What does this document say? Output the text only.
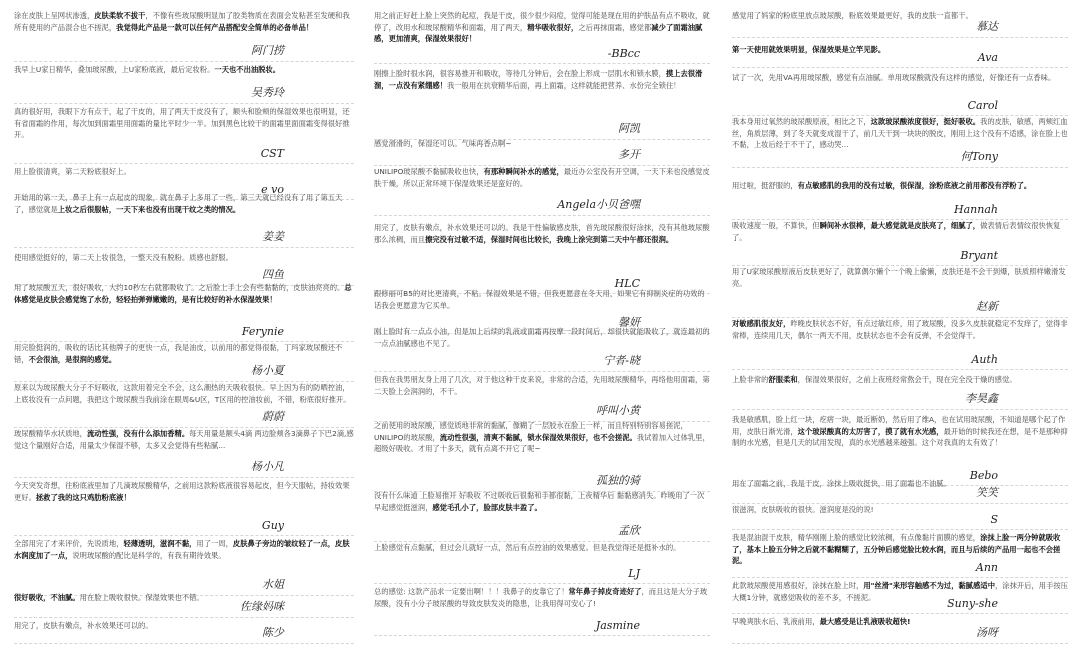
涂在皮肤上呈网状渗透，皮肤柔软不拔干，不像有些玻尿酸明显加了胶类物质在表面会发粘甚至发硬和我所有使用的产品混合也不搓泥，我觉得此产品是一款可以任何产品搭配安全简单的必备单品！

阿门捞

我早上U家日精华，叠加玻尿酸，上U家粉底液，最后定妆粉。一天也不出油脱妆。

吴秀玲

真的很好用，我眼下方有点干，起了干皮的，用了两天干皮没有了，额头和脸颊的保湿效果也很明显，还有省面霜的作用，每次加到面霜里用面霜的量比平时少一半。加到黑色比较干的面霜里面面霜变得很好推开。

CST

用上脸很清爽，第二天粉底很好上。

e vo

开始用的第一天，鼻子上有一点起皮的现象，就在鼻子上多用了一些，第三天就已经没有了用了第五天了，感觉就是上妆之后很服帖，一天下来也没有出现干纹之类的情况。

姜姜

使用感觉挺好的，第二天上妆很急，一整天没有脱粉。质感也舒服。

四鱼

用了玻尿酸五天，很好吸收，大约10秒左右就都吸收了。之后脸上手上会有些黏黏的，皮肤油亮亮的。总体感觉是皮肤会感觉饱了水份，轻轻拍弹弹嫩嫩的，是有比较好的补水保湿效果！

Ferynie

用完脸挺润的，吸收的话比其他牌子的更快一点，我是油皮，以前用的都觉得很黏，丁玛家玻尿酸还不错，不会很油，是很润的感觉。

杨小夏

原来以为玻尿酸大分子不好吸收，这款用着完全不会，这么潮热的天吸收很快。早上因为有的防晒控油，上底妆没有一点问题，我把这个玻尿酸当我前涂在眼周&U区，T区用的控油妆前，不错，粉底很好推开。

蔚蔚

玻尿酸精华水状质地，流动性强，没有什么添加香精。每天用量是额头4滴 两边脸颊各3滴鼻子下巴2滴,感觉这个量刚好合适，用量太少保湿不够，太多又会觉得有些粘腻...

杨小凡

今天突发奇想，往粉底液里加了几滴玻尿酸精华，之前用这款粉底液很容易起皮，但今天服帖，持妆效果更好。拯救了我的这只鸡肋粉底液！

Guy

全部用完了才来评价，先说质地，轻薄透明，滋润不黏，用了一周，皮肤鼻子旁边的皱纹轻了一点，皮肤水润度加了一点，说明玻尿酸的配比是科学的，有我有期待效果。

水姐

很好吸收，不油腻。用在脸上吸收很快。保湿效果也不错。

佐缘妈咪

用完了，皮肤有嫩点，补水效果还可以的。

陈少

用之前正好赶上脸上突然的起痘，我是干皮，很少很少闷痘，觉得可能是现在用的护肤品有点不吸收，就停了，改用水和玻尿酸精华和面霜，用了两天，精华吸收很好，之后再抹面霜，感觉都减少了面霜油腻感，更加清爽，保湿效果很好！

-BBcc

刚擦上脸时很水润，很容易推开和吸收，等待几分钟后，会在脸上形成一层肌水和锁水膜，摸上去很滑溜，一点没有紧绷感！我一般用在抗衰精华后面，再上面霜，这样就能把营养、水份完全锁住！

阿凯

感觉滑滑的，保湿还可以。气味再香点啊~

多开

UNILIPO玻尿酸不黏腻吸收也快，有那种瞬间补水的感觉，最近办公室没有开空调，一天下来也没感觉皮肤干燥，所以正常环境下保湿效果还是蛮好的。

Angela小贝爸嘿

用完了，皮肤有嫩点，补水效果还可以的。我是干性偏敏感皮肤，首先玻尿酸很好涂抹，没有其他玻尿酸那么浓稠，而且擦完没有过敏不适，保湿时间也比较长，我晚上涂完到第二天中午都还很润。

HLC

跟修丽可B5的对比更清爽，不粘。保湿效果是不错，但我更愿意在冬天用，如果它有抑制炎症的功效的话我会更愿意为它买单。

馨妍

刚上脸时有一点点小油，但是加上后续的乳液或面霜再按摩一段时间后，却很快就能吸收了，就连最初的一点点油腻感也不见了。

宁者-晓

但我在我男朋友身上用了几次，对于他这种干皮来说，非常的合适，先用玻尿酸精华，再络他用面霜，第二天脸上会润润的，不干。

呼叫小黄

之前使用的玻尿酸，感觉质地非常的黏腻，像糊了一层胶水在脸上一样，而且特别特别容易搓泥，UNILIPO的玻尿酸，流动性很强，清爽不黏腻，锁水保湿效果很好，也不会搓泥。我试着加入过体乳里，超级好吸收。才用了十多天，就有点离不开它了呢~

孤独的骑

没有什么味道 上脸易推开 好吸收 不过吸收后很黏和手都很黏，上夜精华后 黏黏感消失。昨晚用了一次早起感觉挺滋润，感觉毛孔小了，脸部皮肤丰盈了。

孟欣

上脸感觉有点黏腻，但过会儿就好一点，然后有点控油的效果感觉。但是我觉得还是挺补水的。

LJ

总的感觉: 这款产品求一定要出啊！！！我鼻子的皮靠它了！常年鼻子掉皮奇迹好了，而且这是大分子玻尿酸，没有小分子玻尿酸的导致皮肤发炎的隐患，让我用得可安心了!

Jasmine

感觉用了妈家的粉底里放点玻尿酸，粉底效果最更好，我的皮肤一直都干。

慕达

第一天使用就效果明显，保湿效果是立竿见影。

Ava

试了一次，先用VA再用玻尿酸，感觉有点油腻。单用玻尿酸就没有这样的感觉，好像还有一点香味。

Carol

我本身用过氧然的玻尿酸原液，相比之下，这款玻尿酸浓度很好，挺好吸收。我的皮肤，敏感，两颊红血丝，角质层薄，到了冬天就变成湿干了，前几天干到一块块的脱皮，刚用上这个没有不适感，涂在脸上也不黏，上妆后经于不干了，感动哭...

何Tony

用过啦，挺舒服的，有点敏感肌的我用的没有过敏，很保湿，涂粉底液之前用都没有浮粉了。

Hannah

吸收速度一般，不算快，但瞬间补水很棒，最大感觉就是皮肤亮了，细腻了，做表情后表情纹很快恢复了。

Bryant

用了U家玻尿酸原液后皮肤更好了，就算偶尔懒个一个晚上偷懒，皮肤还是不会干到爆，肤质照样嫩滑发亮。

赵新

对敏感肌很友好，昨晚皮肤状态不好，有点过敏红疹，用了玻尿酸，没多久皮肤就稳定不发痒了，觉得非常棒，连续用几天，偶尔一两天不用，皮肤状态也不会有反弹，不会觉得干。

Auth

上脸非常的舒服柔和，保湿效果很好，之前上夜班经常熬会干，现在完全没干燥的感觉。

李昊鑫

我是敏感肌，脸上红一块，疙瘩一块，最近断奶，然后用了维A，也在试用玻尿酸，不知道是哪个起了作用，皮肤日渐光滑，这个玻尿酸真的太厉害了，摸了就有水光感，最开始的时候我还在想，是不是那种抑制的水光感，但是几天的试用发现，真的水光感越来越强。这个对我真的太有效了！

Bebo

用在了面霜之前，我是干皮，涂抹上吸收挺快，用了面霜也不油腻。

笑笑

很滋润，皮肤吸收的很快。滋润度是没的说!

S

我是混油混干皮肤，精华刚刚上脸的感觉比较浓稠，有点像黏片面膜的感觉，涂抹上脸一两分钟就吸收了，基本上脸五分钟之后就不黏糊糊了，五分钟后感觉脸比较水润，而且与后续的产品用一起也不会搓泥。

Ann

此款玻尿酸使用感很好，涂抹在脸上时，用"丝滑"来形容触感不为过，黏腻感适中，涂抹开后，用手按压大概1分钟，就感觉吸收的差不多，不搓泥。	Suny-she

早晚爽肤水后、乳液前用，最大感受是让乳液吸收超快!

汤呀
